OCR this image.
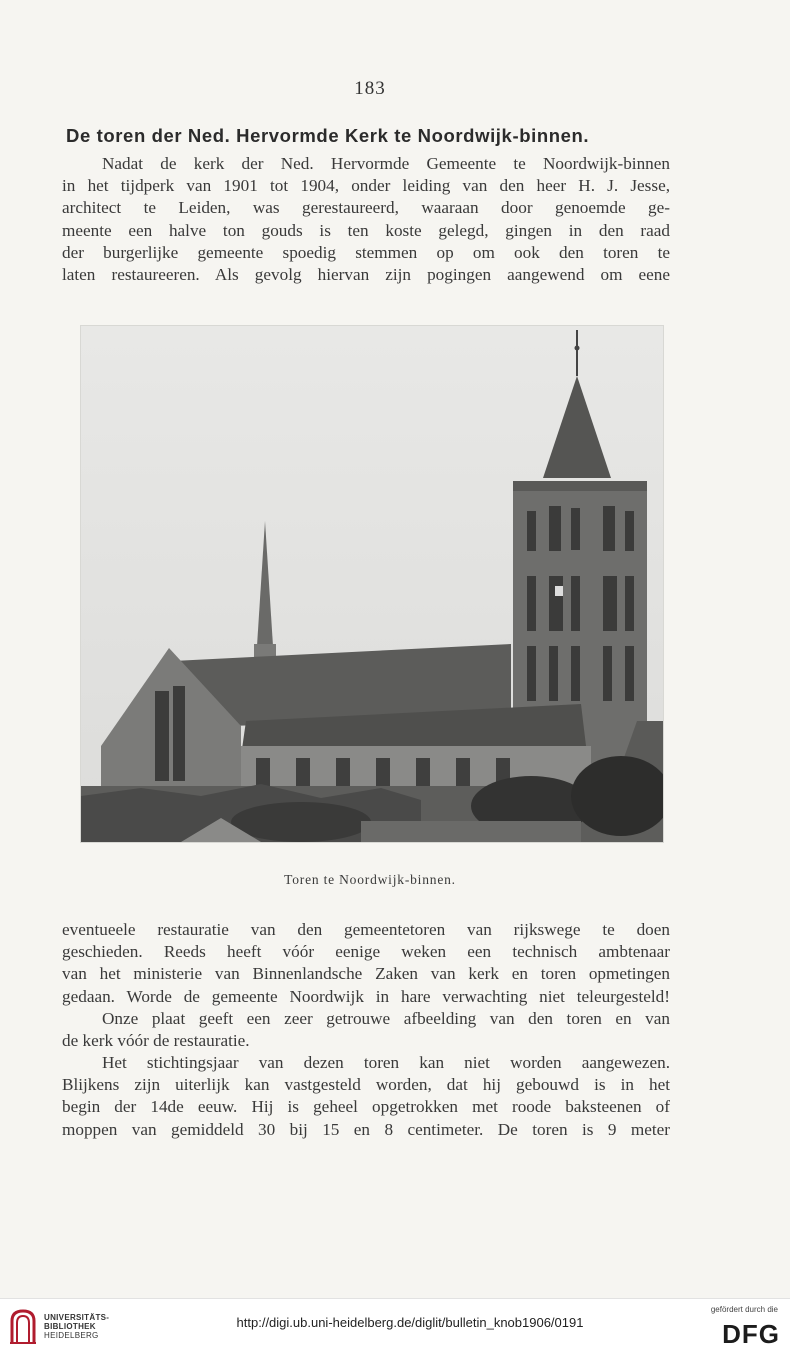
183
De toren der Ned. Hervormde Kerk te Noordwijk-binnen.
Nadat de kerk der Ned. Hervormde Gemeente te Noordwijk-binnen
in het tijdperk van 1901 tot 1904, onder leiding van den heer H. J. Jesse,
architect te Leiden, was gerestaureerd, waaraan door genoemde ge-
meente een halve ton gouds is ten koste gelegd, gingen in den raad
der burgerlijke gemeente spoedig stemmen op om ook den toren te
laten restaureeren. Als gevolg hiervan zijn pogingen aangewend om eene
Toren te Noordwijk-binnen.
eventueele restauratie van den gemeentetoren van rijkswege te doen
geschieden. Reeds heeft vóór eenige weken een technisch ambtenaar
van het ministerie van Binnenlandsche Zaken van kerk en toren opmetingen
gedaan. Worde de gemeente Noordwijk in hare verwachting niet teleurgesteld!
Onze plaat geeft een zeer getrouwe afbeelding van den toren en van
de kerk vóór de restauratie.
Het stichtingsjaar van dezen toren kan niet worden aangewezen.
Blijkens zijn uiterlijk kan vastgesteld worden, dat hij gebouwd is in het
begin der 14de eeuw. Hij is geheel opgetrokken met roode baksteenen of
moppen van gemiddeld 30 bij 15 en 8 centimeter. De toren is 9 meter
UNIVERSITÄTS-
BIBLIOTHEK
HEIDELBERG
http://digi.ub.uni-heidelberg.de/diglit/bulletin_knob1906/0191
gefördert durch die
DFG
